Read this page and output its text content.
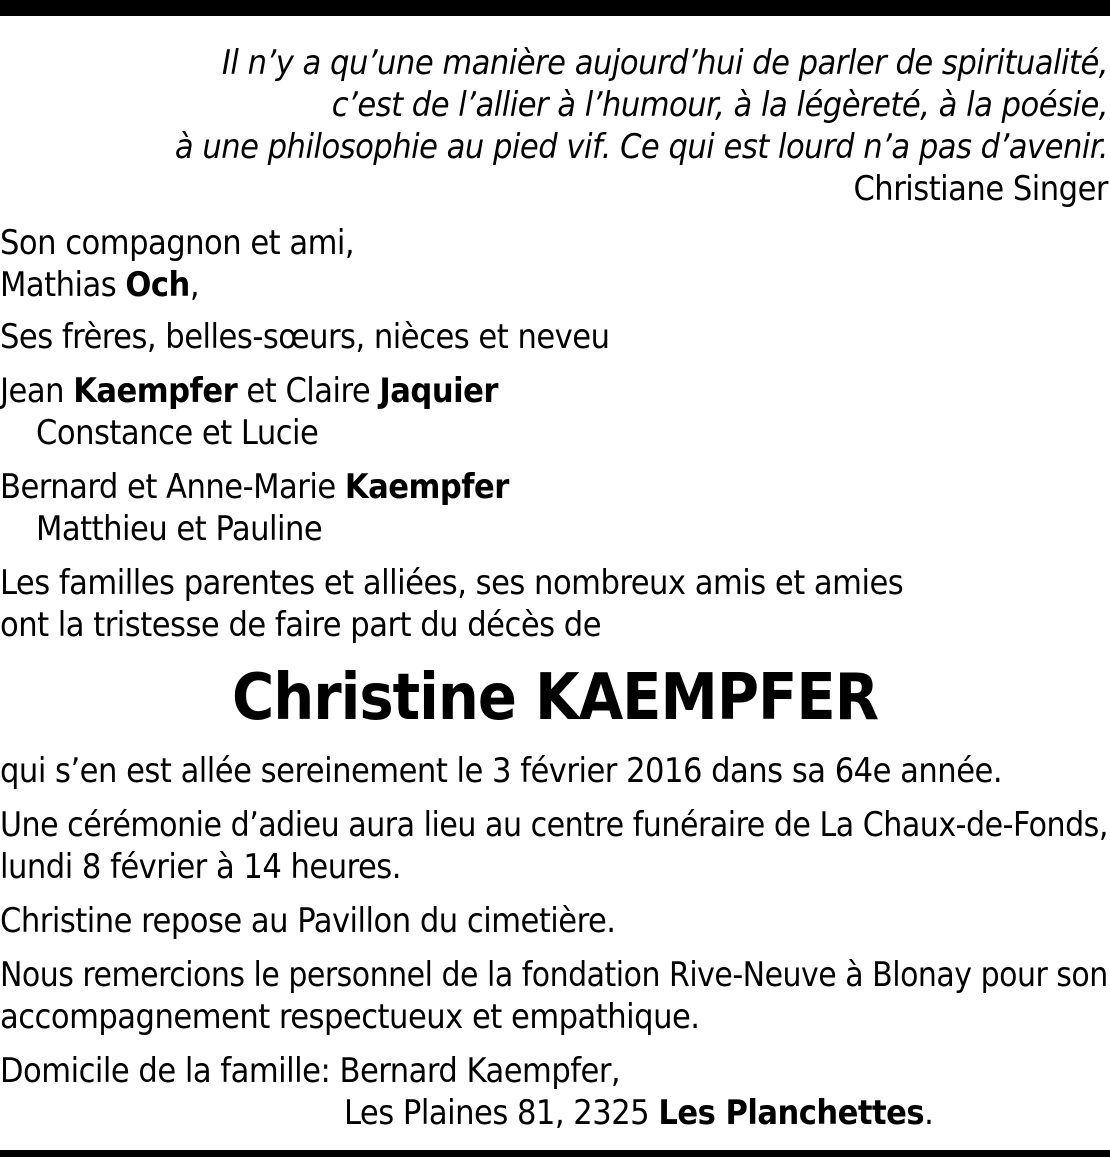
Il n’y a qu’une manière aujourd’hui de parler de spiritualité,
c’est de l’allier à l’humour, à la légèreté, à la poésie,
à une philosophie au pied vif. Ce qui est lourd n’a pas d’avenir.
Christiane Singer
Son compagnon et ami,
Mathias Och,
Ses frères, belles-sœurs, nièces et neveu
Jean Kaempfer et Claire Jaquier
Constance et Lucie
Bernard et Anne-Marie Kaempfer
Matthieu et Pauline
Les familles parentes et alliées, ses nombreux amis et amies
ont la tristesse de faire part du décès de
Christine KAEMPFER
qui s’en est allée sereinement le 3 février 2016 dans sa 64e année.
Une cérémonie d’adieu aura lieu au centre funéraire de La Chaux-de-Fonds,
lundi 8 février à 14 heures.
Christine repose au Pavillon du cimetière.
Nous remercions le personnel de la fondation Rive-Neuve à Blonay pour son
accompagnement respectueux et empathique.
Domicile de la famille: Bernard Kaempfer,
Les Plaines 81, 2325 Les Planchettes.
